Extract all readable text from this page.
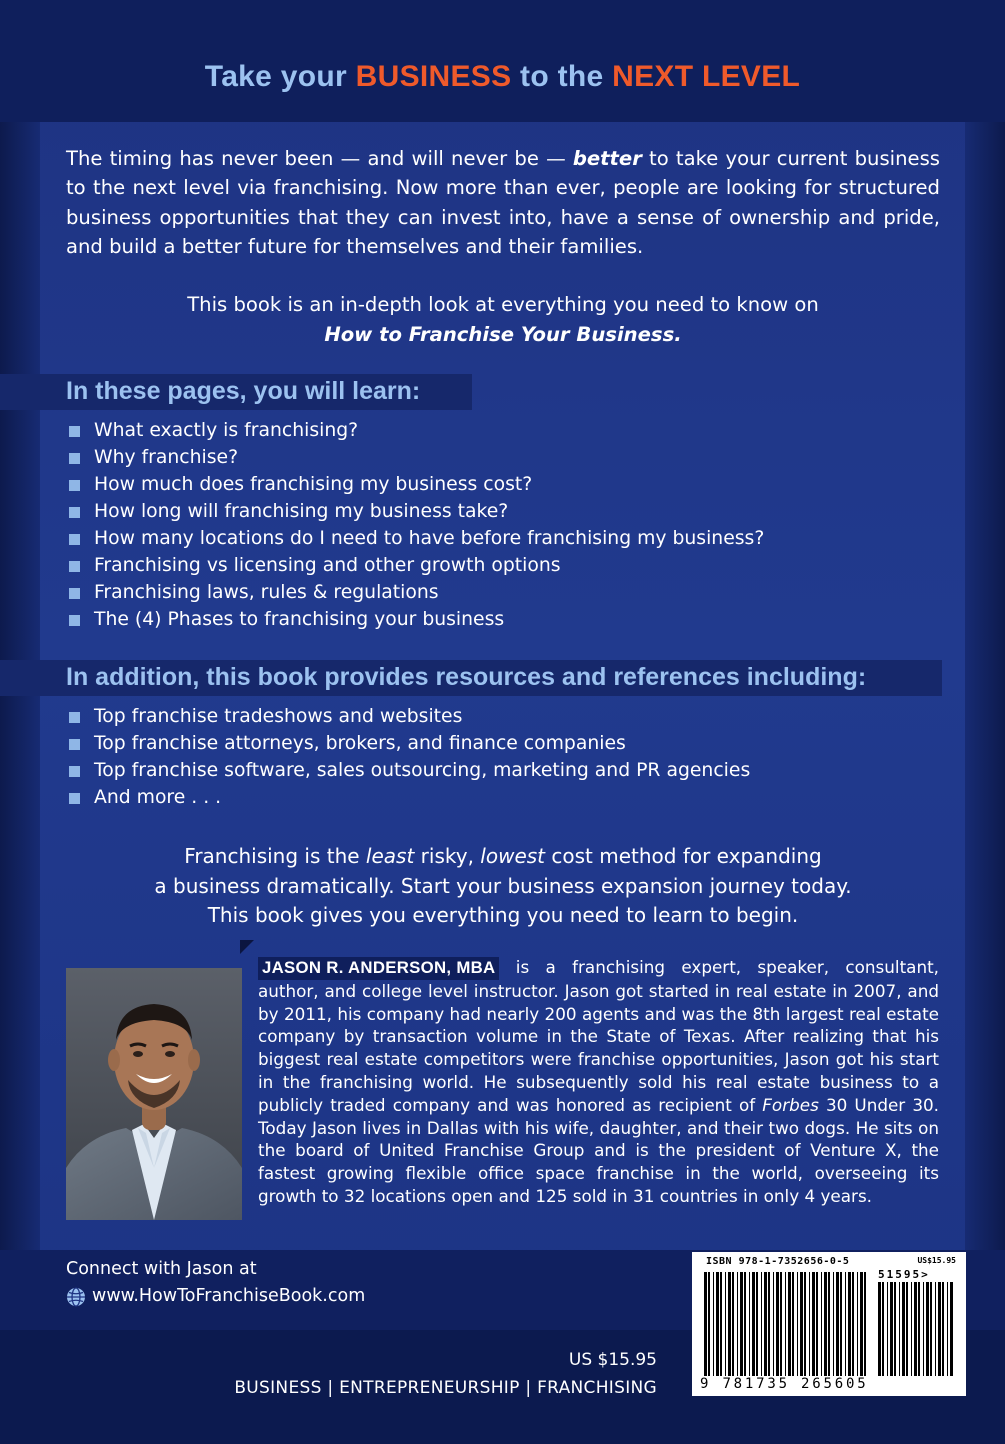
Take your BUSINESS to the NEXT LEVEL
The timing has never been — and will never be — better to take your current business to the next level via franchising. Now more than ever, people are looking for structured business opportunities that they can invest into, have a sense of ownership and pride, and build a better future for themselves and their families.
This book is an in-depth look at everything you need to know on
How to Franchise Your Business.
In these pages, you will learn:
What exactly is franchising?
Why franchise?
How much does franchising my business cost?
How long will franchising my business take?
How many locations do I need to have before franchising my business?
Franchising vs licensing and other growth options
Franchising laws, rules & regulations
The (4) Phases to franchising your business
In addition, this book provides resources and references including:
Top franchise tradeshows and websites
Top franchise attorneys, brokers, and finance companies
Top franchise software, sales outsourcing, marketing and PR agencies
And more . . .
Franchising is the least risky, lowest cost method for expanding
a business dramatically. Start your business expansion journey today.
This book gives you everything you need to learn to begin.
JASON R. ANDERSON, MBA is a franchising expert, speaker, consultant, author, and college level instructor. Jason got started in real estate in 2007, and by 2011, his company had nearly 200 agents and was the 8th largest real estate company by transaction volume in the State of Texas. After realizing that his biggest real estate competitors were franchise opportunities, Jason got his start in the franchising world. He subsequently sold his real estate business to a publicly traded company and was honored as recipient of Forbes 30 Under 30. Today Jason lives in Dallas with his wife, daughter, and their two dogs. He sits on the board of United Franchise Group and is the president of Venture X, the fastest growing flexible office space franchise in the world, overseeing its growth to 32 locations open and 125 sold in 31 countries in only 4 years.
Connect with Jason at
www.HowToFranchiseBook.com
US $15.95
BUSINESS | ENTREPRENEURSHIP | FRANCHISING
ISBN 978-1-7352656-0-5	US$15.95
51595>
9 781735 265605
